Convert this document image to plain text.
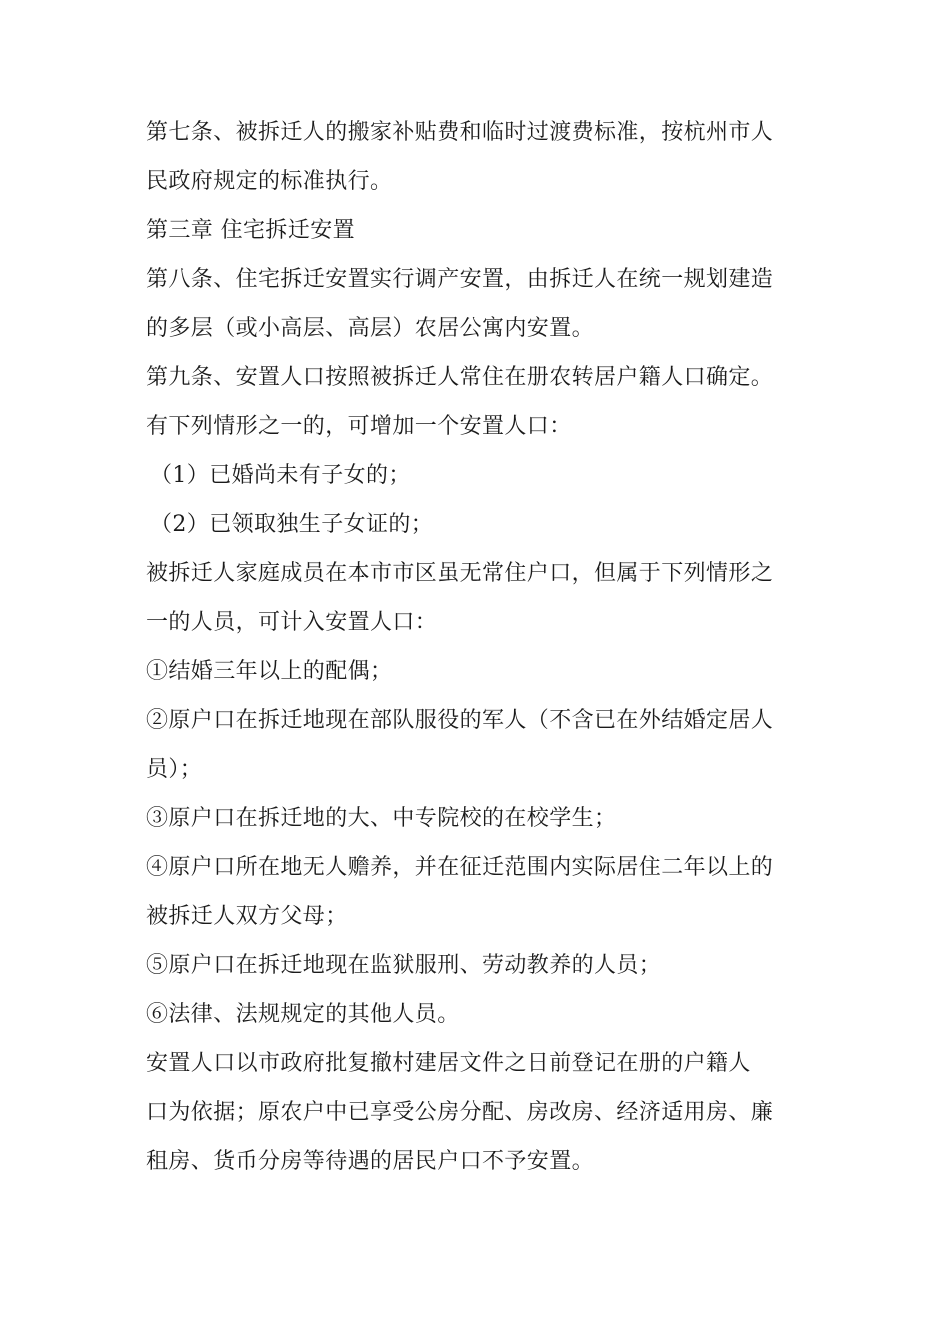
第七条、被拆迁人的搬家补贴费和临时过渡费标准，按杭州市人
民政府规定的标准执行。
第三章 住宅拆迁安置
第八条、住宅拆迁安置实行调产安置，由拆迁人在统一规划建造
的多层（或小高层、高层）农居公寓内安置。
第九条、安置人口按照被拆迁人常住在册农转居户籍人口确定。
有下列情形之一的，可增加一个安置人口：
（1）已婚尚未有子女的；
（2）已领取独生子女证的；
被拆迁人家庭成员在本市市区虽无常住户口，但属于下列情形之
一的人员，可计入安置人口：
①结婚三年以上的配偶；
②原户口在拆迁地现在部队服役的军人（不含已在外结婚定居人
员）；
③原户口在拆迁地的大、中专院校的在校学生；
④原户口所在地无人赡养，并在征迁范围内实际居住二年以上的
被拆迁人双方父母；
⑤原户口在拆迁地现在监狱服刑、劳动教养的人员；
⑥法律、法规规定的其他人员。
安置人口以市政府批复撤村建居文件之日前登记在册的户籍人
口为依据；原农户中已享受公房分配、房改房、经济适用房、廉
租房、货币分房等待遇的居民户口不予安置。
